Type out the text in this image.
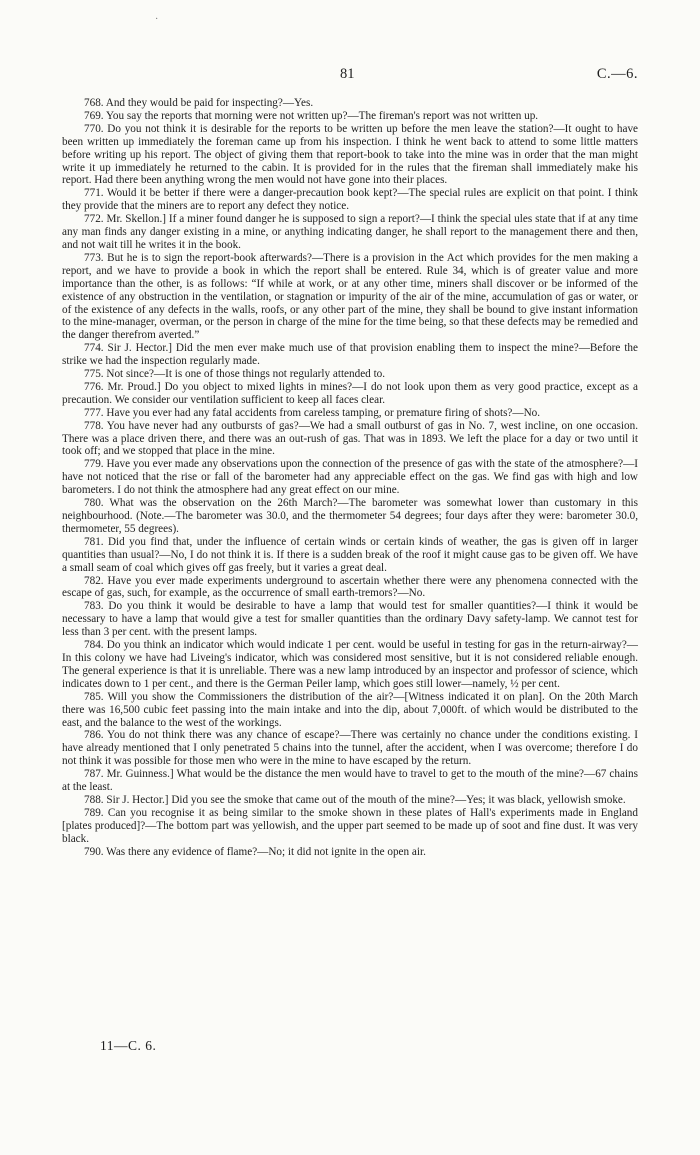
·
81	C.—6.

768. And they would be paid for inspecting?—Yes.

769. You say the reports that morning were not written up?—The fireman's report was not written up.

770. Do you not think it is desirable for the reports to be written up before the men leave the station?—It ought to have been written up immediately the foreman came up from his inspection. I think he went back to attend to some little matters before writing up his report. The object of giving them that report-book to take into the mine was in order that the man might write it up immediately he returned to the cabin. It is provided for in the rules that the fireman shall immediately make his report. Had there been anything wrong the men would not have gone into their places.

771. Would it be better if there were a danger-precaution book kept?—The special rules are explicit on that point. I think they provide that the miners are to report any defect they notice.

772. Mr. Skellon.] If a miner found danger he is supposed to sign a report?—I think the special ules state that if at any time any man finds any danger existing in a mine, or anything indicating danger, he shall report to the management there and then, and not wait till he writes it in the book.

773. But he is to sign the report-book afterwards?—There is a provision in the Act which provides for the men making a report, and we have to provide a book in which the report shall be entered. Rule 34, which is of greater value and more importance than the other, is as follows: “If while at work, or at any other time, miners shall discover or be informed of the existence of any obstruction in the ventilation, or stagnation or impurity of the air of the mine, accumulation of gas or water, or of the existence of any defects in the walls, roofs, or any other part of the mine, they shall be bound to give instant information to the mine-manager, overman, or the person in charge of the mine for the time being, so that these defects may be remedied and the danger therefrom averted.”

774. Sir J. Hector.] Did the men ever make much use of that provision enabling them to inspect the mine?—Before the strike we had the inspection regularly made.

775. Not since?—It is one of those things not regularly attended to.

776. Mr. Proud.] Do you object to mixed lights in mines?—I do not look upon them as very good practice, except as a precaution. We consider our ventilation sufficient to keep all faces clear.

777. Have you ever had any fatal accidents from careless tamping, or premature firing of shots?—No.

778. You have never had any outbursts of gas?—We had a small outburst of gas in No. 7, west incline, on one occasion. There was a place driven there, and there was an out-rush of gas. That was in 1893. We left the place for a day or two until it took off; and we stopped that place in the mine.

779. Have you ever made any observations upon the connection of the presence of gas with the state of the atmosphere?—I have not noticed that the rise or fall of the barometer had any appreciable effect on the gas. We find gas with high and low barometers. I do not think the atmosphere had any great effect on our mine.

780. What was the observation on the 26th March?—The barometer was somewhat lower than customary in this neighbourhood. (Note.—The barometer was 30.0, and the thermometer 54 degrees; four days after they were: barometer 30.0, thermometer, 55 degrees).

781. Did you find that, under the influence of certain winds or certain kinds of weather, the gas is given off in larger quantities than usual?—No, I do not think it is. If there is a sudden break of the roof it might cause gas to be given off. We have a small seam of coal which gives off gas freely, but it varies a great deal.

782. Have you ever made experiments underground to ascertain whether there were any phenomena connected with the escape of gas, such, for example, as the occurrence of small earth-tremors?—No.

783. Do you think it would be desirable to have a lamp that would test for smaller quantities?—I think it would be necessary to have a lamp that would give a test for smaller quantities than the ordinary Davy safety-lamp. We cannot test for less than 3 per cent. with the present lamps.

784. Do you think an indicator which would indicate 1 per cent. would be useful in testing for gas in the return-airway?—In this colony we have had Liveing's indicator, which was considered most sensitive, but it is not considered reliable enough. The general experience is that it is unreliable. There was a new lamp introduced by an inspector and professor of science, which indicates down to 1 per cent., and there is the German Peiler lamp, which goes still lower—namely, ½ per cent.

785. Will you show the Commissioners the distribution of the air?—[Witness indicated it on plan]. On the 20th March there was 16,500 cubic feet passing into the main intake and into the dip, about 7,000ft. of which would be distributed to the east, and the balance to the west of the workings.

786. You do not think there was any chance of escape?—There was certainly no chance under the conditions existing. I have already mentioned that I only penetrated 5 chains into the tunnel, after the accident, when I was overcome; therefore I do not think it was possible for those men who were in the mine to have escaped by the return.

787. Mr. Guinness.] What would be the distance the men would have to travel to get to the mouth of the mine?—67 chains at the least.

788. Sir J. Hector.] Did you see the smoke that came out of the mouth of the mine?—Yes; it was black, yellowish smoke.

789. Can you recognise it as being similar to the smoke shown in these plates of Hall's experiments made in England [plates produced]?—The bottom part was yellowish, and the upper part seemed to be made up of soot and fine dust. It was very black.

790. Was there any evidence of flame?—No; it did not ignite in the open air.

11—C. 6.
